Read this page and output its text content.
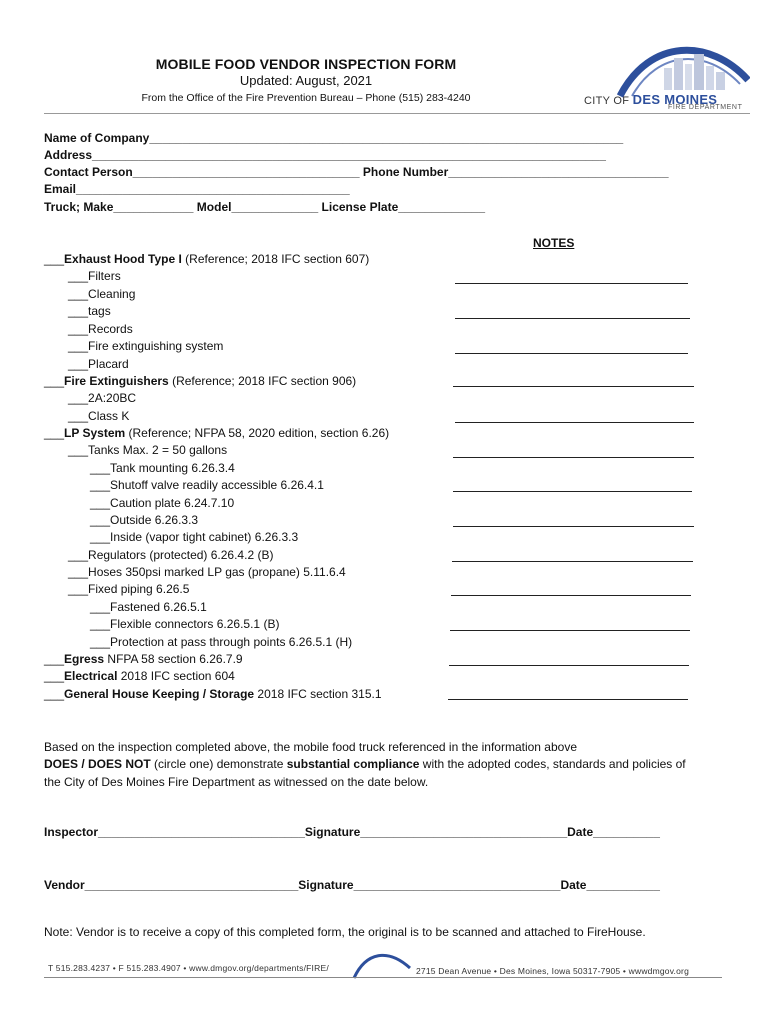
MOBILE FOOD VENDOR INSPECTION FORM
Updated: August, 2021
From the Office of the Fire Prevention Bureau – Phone (515) 283-4240	CITY OF DES MOINES
FIRE DEPARTMENT
Name of Company_______________________________________________________________________
Address_____________________________________________________________________________
Contact Person__________________________________ Phone Number_________________________________
Email_________________________________________
Truck; Make____________ Model_____________ License Plate_____________
NOTES
___Exhaust Hood Type I (Reference; 2018 IFC section 607)
___Filters
___Cleaning
___tags
___Records
___Fire extinguishing system
___Placard
___Fire Extinguishers (Reference; 2018 IFC section 906)
___2A:20BC
___Class K
___LP System (Reference; NFPA 58, 2020 edition, section 6.26)
___Tanks Max. 2 = 50 gallons
___Tank mounting 6.26.3.4
___Shutoff valve readily accessible 6.26.4.1
___Caution plate 6.24.7.10
___Outside 6.26.3.3
___Inside (vapor tight cabinet) 6.26.3.3
___Regulators (protected) 6.26.4.2 (B)
___Hoses 350psi marked LP gas (propane) 5.11.6.4
___Fixed piping 6.26.5
___Fastened 6.26.5.1
___Flexible connectors 6.26.5.1 (B)
___Protection at pass through points 6.26.5.1 (H)
___Egress NFPA 58 section 6.26.7.9
___Electrical 2018 IFC section 604
___General House Keeping / Storage 2018 IFC section 315.1
Based on the inspection completed above, the mobile food truck referenced in the information above
DOES / DOES NOT (circle one) demonstrate substantial compliance with the adopted codes, standards and policies of
the City of Des Moines Fire Department as witnessed on the date below.
Inspector_______________________________Signature_______________________________Date__________
Vendor________________________________Signature_______________________________Date___________
Note: Vendor is to receive a copy of this completed form, the original is to be scanned and attached to FireHouse.
T 515.283.4237 • F 515.283.4907 • www.dmgov.org/departments/FIRE/	2715 Dean Avenue • Des Moines, Iowa 50317-7905 • wwwdmgov.org
